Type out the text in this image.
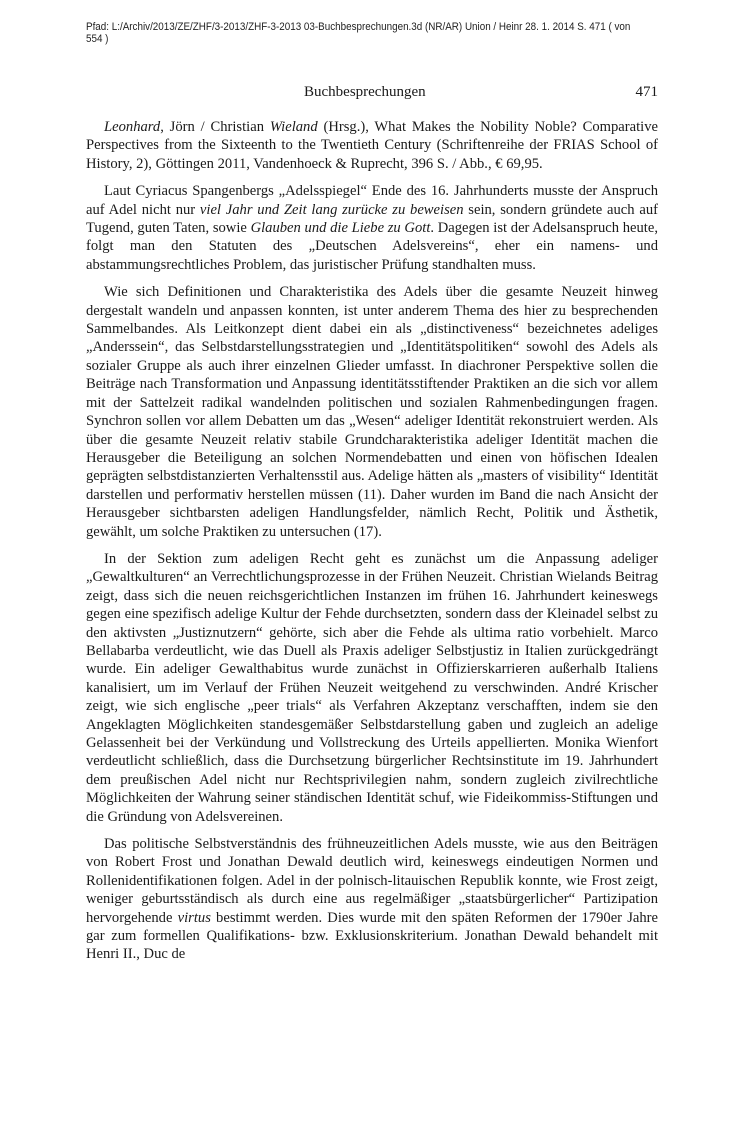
Pfad: L:/Archiv/2013/ZE/ZHF/3-2013/ZHF-3-2013 03-Buchbesprechungen.3d (NR/AR) Union / Heinr 28. 1. 2014 S. 471 ( von 554 )
Buchbesprechungen	471

Leonhard, Jörn / Christian Wieland (Hrsg.), What Makes the Nobility Noble? Comparative Perspectives from the Sixteenth to the Twentieth Century (Schriftenreihe der FRIAS School of History, 2), Göttingen 2011, Vandenhoeck & Ruprecht, 396 S. / Abb., € 69,95.

Laut Cyriacus Spangenbergs „Adelsspiegel“ Ende des 16. Jahrhunderts musste der Anspruch auf Adel nicht nur viel Jahr und Zeit lang zurücke zu beweisen sein, sondern gründete auch auf Tugend, guten Taten, sowie Glauben und die Liebe zu Gott. Dagegen ist der Adelsanspruch heute, folgt man den Statuten des „Deutschen Adelsvereins“, eher ein namens- und abstammungsrechtliches Problem, das juristischer Prüfung standhalten muss.

Wie sich Definitionen und Charakteristika des Adels über die gesamte Neuzeit hinweg dergestalt wandeln und anpassen konnten, ist unter anderem Thema des hier zu besprechenden Sammelbandes. Als Leitkonzept dient dabei ein als „distinctiveness“ bezeichnetes adeliges „Anderssein“, das Selbstdarstellungsstrategien und „Identitätspolitiken“ sowohl des Adels als sozialer Gruppe als auch ihrer einzelnen Glieder umfasst. In diachroner Perspektive sollen die Beiträge nach Transformation und Anpassung identitätsstiftender Praktiken an die sich vor allem mit der Sattelzeit radikal wandelnden politischen und sozialen Rahmenbedingungen fragen. Synchron sollen vor allem Debatten um das „Wesen“ adeliger Identität rekonstruiert werden. Als über die gesamte Neuzeit relativ stabile Grundcharakteristika adeliger Identität machen die Herausgeber die Beteiligung an solchen Normendebatten und einen von höfischen Idealen geprägten selbstdistanzierten Verhaltensstil aus. Adelige hätten als „masters of visibility“ Identität darstellen und performativ herstellen müssen (11). Daher wurden im Band die nach Ansicht der Herausgeber sichtbarsten adeligen Handlungsfelder, nämlich Recht, Politik und Ästhetik, gewählt, um solche Praktiken zu untersuchen (17).

In der Sektion zum adeligen Recht geht es zunächst um die Anpassung adeliger „Gewaltkulturen“ an Verrechtlichungsprozesse in der Frühen Neuzeit. Christian Wielands Beitrag zeigt, dass sich die neuen reichsgerichtlichen Instanzen im frühen 16. Jahrhundert keineswegs gegen eine spezifisch adelige Kultur der Fehde durchsetzten, sondern dass der Kleinadel selbst zu den aktivsten „Justiznutzern“ gehörte, sich aber die Fehde als ultima ratio vorbehielt. Marco Bellabarba verdeutlicht, wie das Duell als Praxis adeliger Selbstjustiz in Italien zurückgedrängt wurde. Ein adeliger Gewalthabitus wurde zunächst in Offizierskarrieren außerhalb Italiens kanalisiert, um im Verlauf der Frühen Neuzeit weitgehend zu verschwinden. André Krischer zeigt, wie sich englische „peer trials“ als Verfahren Akzeptanz verschafften, indem sie den Angeklagten Möglichkeiten standesgemäßer Selbstdarstellung gaben und zugleich an adelige Gelassenheit bei der Verkündung und Vollstreckung des Urteils appellierten. Monika Wienfort verdeutlicht schließlich, dass die Durchsetzung bürgerlicher Rechtsinstitute im 19. Jahrhundert dem preußischen Adel nicht nur Rechtsprivilegien nahm, sondern zugleich zivilrechtliche Möglichkeiten der Wahrung seiner ständischen Identität schuf, wie Fideikommiss-Stiftungen und die Gründung von Adelsvereinen.

Das politische Selbstverständnis des frühneuzeitlichen Adels musste, wie aus den Beiträgen von Robert Frost und Jonathan Dewald deutlich wird, keineswegs eindeutigen Normen und Rollenidentifikationen folgen. Adel in der polnisch-litauischen Republik konnte, wie Frost zeigt, weniger geburtsständisch als durch eine aus regelmäßiger „staatsbürgerlicher“ Partizipation hervorgehende virtus bestimmt werden. Dies wurde mit den späten Reformen der 1790er Jahre gar zum formellen Qualifikations- bzw. Exklusionskriterium. Jonathan Dewald behandelt mit Henri II., Duc de
